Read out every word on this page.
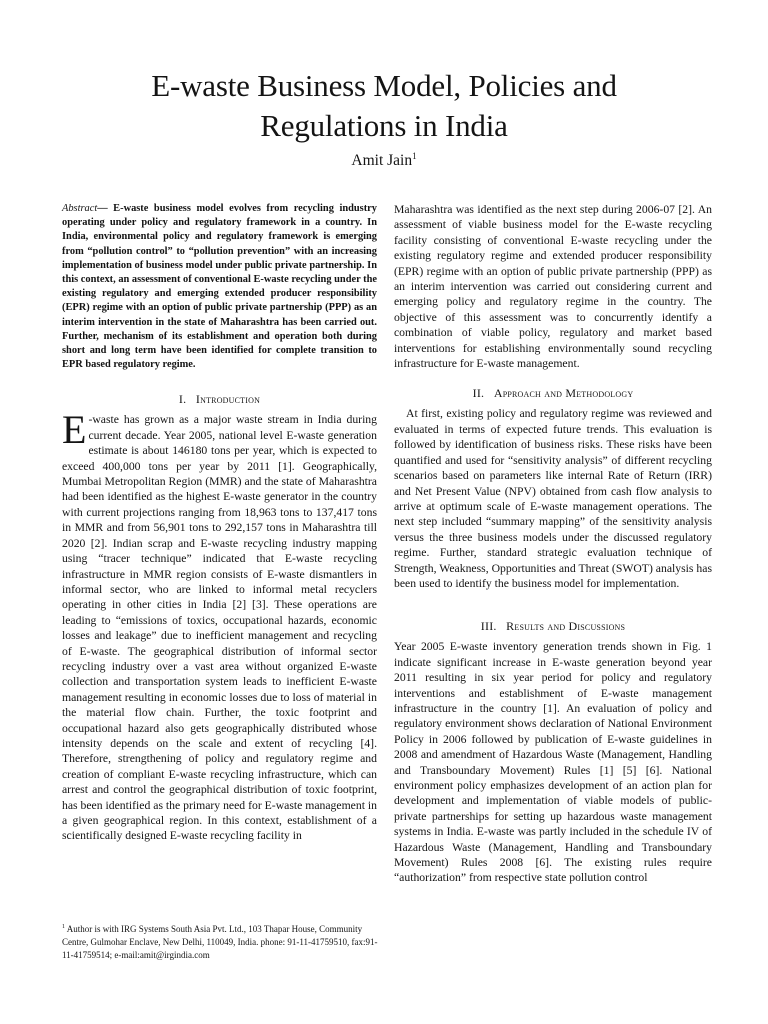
E-waste Business Model, Policies and
Regulations in India
Amit Jain$^1$

Abstract— E-waste business model evolves from recycling industry operating under policy and regulatory framework in a country. In India, environmental policy and regulatory framework is emerging from “pollution control” to “pollution prevention” with an increasing implementation of business model under public private partnership. In this context, an assessment of conventional E-waste recycling under the existing regulatory and emerging extended producer responsibility (EPR) regime with an option of public private partnership (PPP) as an interim intervention in the state of Maharashtra has been carried out. Further, mechanism of its establishment and operation both during short and long term have been identified for complete transition to EPR based regulatory regime.

I.   Introduction

E -waste has grown as a major waste stream in India during current decade. Year 2005, national level E-waste generation estimate is about 146180 tons per year, which is expected to exceed 400,000 tons per year by 2011 [1]. Geographically, Mumbai Metropolitan Region (MMR) and the state of Maharashtra had been identified as the highest E-waste generator in the country with current projections ranging from 18,963 tons to 137,417 tons in MMR and from 56,901 tons to 292,157 tons in Maharashtra till 2020 [2]. Indian scrap and E-waste recycling industry mapping using “tracer technique” indicated that E-waste recycling infrastructure in MMR region consists of E-waste dismantlers in informal sector, who are linked to informal metal recyclers operating in other cities in India [2] [3]. These operations are leading to “emissions of toxics, occupational hazards, economic losses and leakage” due to inefficient management and recycling of E-waste. The geographical distribution of informal sector recycling industry over a vast area without organized E-waste collection and transportation system leads to inefficient E-waste management resulting in economic losses due to loss of material in the material flow chain. Further, the toxic footprint and occupational hazard also gets geographically distributed whose intensity depends on the scale and extent of recycling [4]. Therefore, strengthening of policy and regulatory regime and creation of compliant E-waste recycling infrastructure, which can arrest and control the geographical distribution of toxic footprint, has been identified as the primary need for E-waste management in a given geographical region. In this context, establishment of a scientifically designed E-waste recycling facility in

Maharashtra was identified as the next step during 2006-07 [2]. An assessment of viable business model for the E-waste recycling facility consisting of conventional E-waste recycling under the existing regulatory regime and extended producer responsibility (EPR) regime with an option of public private partnership (PPP) as an interim intervention was carried out considering current and emerging policy and regulatory regime in the country. The objective of this assessment was to concurrently identify a combination of viable policy, regulatory and market based interventions for establishing environmentally sound recycling infrastructure for E-waste management.

II.   Approach and Methodology

At first, existing policy and regulatory regime was reviewed and evaluated in terms of expected future trends. This evaluation is followed by identification of business risks. These risks have been quantified and used for “sensitivity analysis” of different recycling scenarios based on parameters like internal Rate of Return (IRR) and Net Present Value (NPV) obtained from cash flow analysis to arrive at optimum scale of E-waste management operations. The next step included “summary mapping” of the sensitivity analysis versus the three business models under the discussed regulatory regime. Further, standard strategic evaluation technique of Strength, Weakness, Opportunities and Threat (SWOT) analysis has been used to identify the business model for implementation.

III.   Results and Discussions

Year 2005 E-waste inventory generation trends shown in Fig. 1 indicate significant increase in E-waste generation beyond year 2011 resulting in six year period for policy and regulatory interventions and establishment of E-waste management infrastructure in the country [1]. An evaluation of policy and regulatory environment shows declaration of National Environment Policy in 2006 followed by publication of E-waste guidelines in 2008 and amendment of Hazardous Waste (Management, Handling and Transboundary Movement) Rules [1] [5] [6]. National environment policy emphasizes development of an action plan for development and implementation of viable models of public-private partnerships for setting up hazardous waste management systems in India. E-waste was partly included in the schedule IV of Hazardous Waste (Management, Handling and Transboundary Movement) Rules 2008 [6]. The existing rules require “authorization” from respective state pollution control

$^1$ Author is with IRG Systems South Asia Pvt. Ltd., 103 Thapar House, Community Centre, Gulmohar Enclave, New Delhi, 110049, India. phone: 91-11-41759510, fax:91-11-41759514; e-mail:amit@irgindia.com
